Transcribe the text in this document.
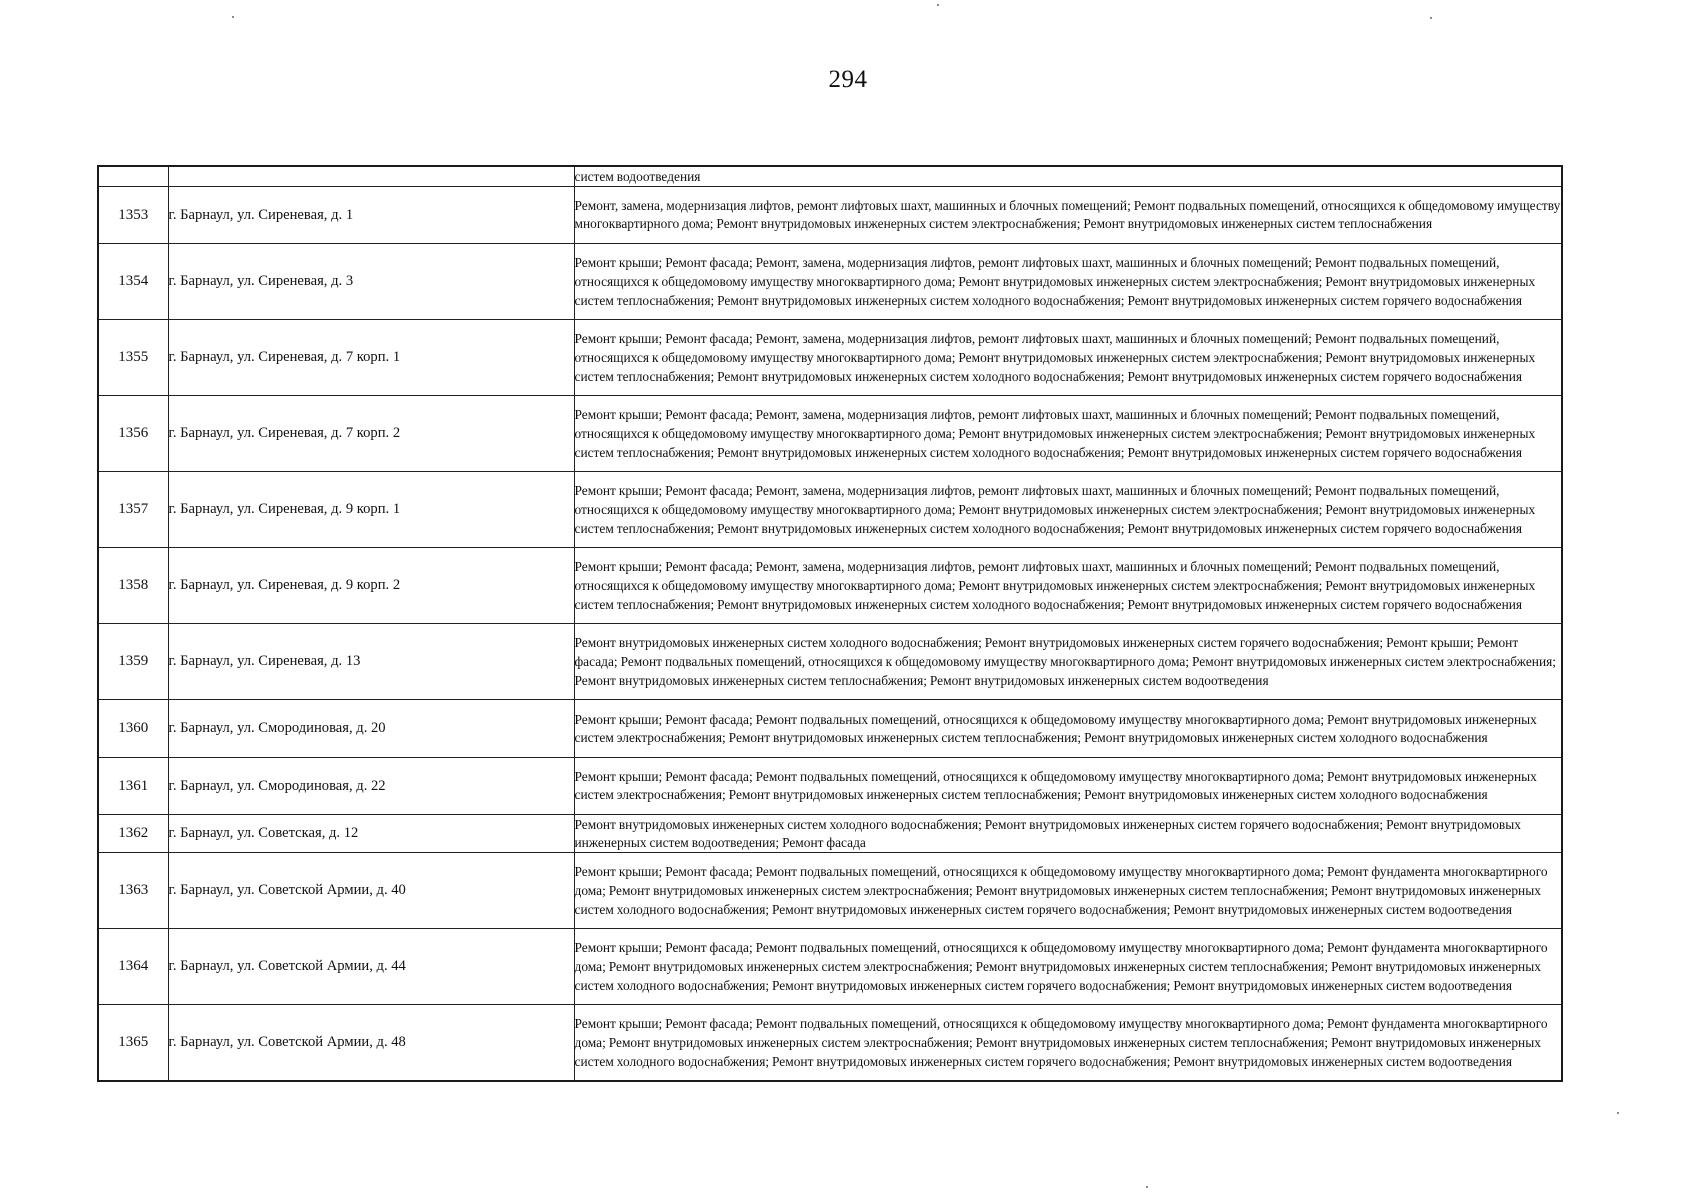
294
		систем водоотведения
1353	г. Барнаул, ул. Сиреневая, д. 1	Ремонт, замена, модернизация лифтов, ремонт лифтовых шахт, машинных и блочных помещений; Ремонт подвальных помещений, относящихся к общедомовому имуществу многоквартирного дома; Ремонт внутридомовых инженерных систем электроснабжения; Ремонт внутридомовых инженерных систем теплоснабжения
1354	г. Барнаул, ул. Сиреневая, д. 3	Ремонт крыши; Ремонт фасада; Ремонт, замена, модернизация лифтов, ремонт лифтовых шахт, машинных и блочных помещений; Ремонт подвальных помещений, относящихся к общедомовому имуществу многоквартирного дома; Ремонт внутридомовых инженерных систем электроснабжения; Ремонт внутридомовых инженерных систем теплоснабжения; Ремонт внутридомовых инженерных систем холодного водоснабжения; Ремонт внутридомовых инженерных систем горячего водоснабжения
1355	г. Барнаул, ул. Сиреневая, д. 7 корп. 1	Ремонт крыши; Ремонт фасада; Ремонт, замена, модернизация лифтов, ремонт лифтовых шахт, машинных и блочных помещений; Ремонт подвальных помещений, относящихся к общедомовому имуществу многоквартирного дома; Ремонт внутридомовых инженерных систем электроснабжения; Ремонт внутридомовых инженерных систем теплоснабжения; Ремонт внутридомовых инженерных систем холодного водоснабжения; Ремонт внутридомовых инженерных систем горячего водоснабжения
1356	г. Барнаул, ул. Сиреневая, д. 7 корп. 2	Ремонт крыши; Ремонт фасада; Ремонт, замена, модернизация лифтов, ремонт лифтовых шахт, машинных и блочных помещений; Ремонт подвальных помещений, относящихся к общедомовому имуществу многоквартирного дома; Ремонт внутридомовых инженерных систем электроснабжения; Ремонт внутридомовых инженерных систем теплоснабжения; Ремонт внутридомовых инженерных систем холодного водоснабжения; Ремонт внутридомовых инженерных систем горячего водоснабжения
1357	г. Барнаул, ул. Сиреневая, д. 9 корп. 1	Ремонт крыши; Ремонт фасада; Ремонт, замена, модернизация лифтов, ремонт лифтовых шахт, машинных и блочных помещений; Ремонт подвальных помещений, относящихся к общедомовому имуществу многоквартирного дома; Ремонт внутридомовых инженерных систем электроснабжения; Ремонт внутридомовых инженерных систем теплоснабжения; Ремонт внутридомовых инженерных систем холодного водоснабжения; Ремонт внутридомовых инженерных систем горячего водоснабжения
1358	г. Барнаул, ул. Сиреневая, д. 9 корп. 2	Ремонт крыши; Ремонт фасада; Ремонт, замена, модернизация лифтов, ремонт лифтовых шахт, машинных и блочных помещений; Ремонт подвальных помещений, относящихся к общедомовому имуществу многоквартирного дома; Ремонт внутридомовых инженерных систем электроснабжения; Ремонт внутридомовых инженерных систем теплоснабжения; Ремонт внутридомовых инженерных систем холодного водоснабжения; Ремонт внутридомовых инженерных систем горячего водоснабжения
1359	г. Барнаул, ул. Сиреневая, д. 13	Ремонт внутридомовых инженерных систем холодного водоснабжения; Ремонт внутридомовых инженерных систем горячего водоснабжения; Ремонт крыши; Ремонт фасада; Ремонт подвальных помещений, относящихся к общедомовому имуществу многоквартирного дома; Ремонт внутридомовых инженерных систем электроснабжения; Ремонт внутридомовых инженерных систем теплоснабжения; Ремонт внутридомовых инженерных систем водоотведения
1360	г. Барнаул, ул. Смородиновая, д. 20	Ремонт крыши; Ремонт фасада; Ремонт подвальных помещений, относящихся к общедомовому имуществу многоквартирного дома; Ремонт внутридомовых инженерных систем электроснабжения; Ремонт внутридомовых инженерных систем теплоснабжения; Ремонт внутридомовых инженерных систем холодного водоснабжения
1361	г. Барнаул, ул. Смородиновая, д. 22	Ремонт крыши; Ремонт фасада; Ремонт подвальных помещений, относящихся к общедомовому имуществу многоквартирного дома; Ремонт внутридомовых инженерных систем электроснабжения; Ремонт внутридомовых инженерных систем теплоснабжения; Ремонт внутридомовых инженерных систем холодного водоснабжения
1362	г. Барнаул, ул. Советская, д. 12	Ремонт внутридомовых инженерных систем холодного водоснабжения; Ремонт внутридомовых инженерных систем горячего водоснабжения; Ремонт внутридомовых инженерных систем водоотведения; Ремонт фасада
1363	г. Барнаул, ул. Советской Армии, д. 40	Ремонт крыши; Ремонт фасада; Ремонт подвальных помещений, относящихся к общедомовому имуществу многоквартирного дома; Ремонт фундамента многоквартирного дома; Ремонт внутридомовых инженерных систем электроснабжения; Ремонт внутридомовых инженерных систем теплоснабжения; Ремонт внутридомовых инженерных систем холодного водоснабжения; Ремонт внутридомовых инженерных систем горячего водоснабжения; Ремонт внутридомовых инженерных систем водоотведения
1364	г. Барнаул, ул. Советской Армии, д. 44	Ремонт крыши; Ремонт фасада; Ремонт подвальных помещений, относящихся к общедомовому имуществу многоквартирного дома; Ремонт фундамента многоквартирного дома; Ремонт внутридомовых инженерных систем электроснабжения; Ремонт внутридомовых инженерных систем теплоснабжения; Ремонт внутридомовых инженерных систем холодного водоснабжения; Ремонт внутридомовых инженерных систем горячего водоснабжения; Ремонт внутридомовых инженерных систем водоотведения
1365	г. Барнаул, ул. Советской Армии, д. 48	Ремонт крыши; Ремонт фасада; Ремонт подвальных помещений, относящихся к общедомовому имуществу многоквартирного дома; Ремонт фундамента многоквартирного дома; Ремонт внутридомовых инженерных систем электроснабжения; Ремонт внутридомовых инженерных систем теплоснабжения; Ремонт внутридомовых инженерных систем холодного водоснабжения; Ремонт внутридомовых инженерных систем горячего водоснабжения; Ремонт внутридомовых инженерных систем водоотведения
